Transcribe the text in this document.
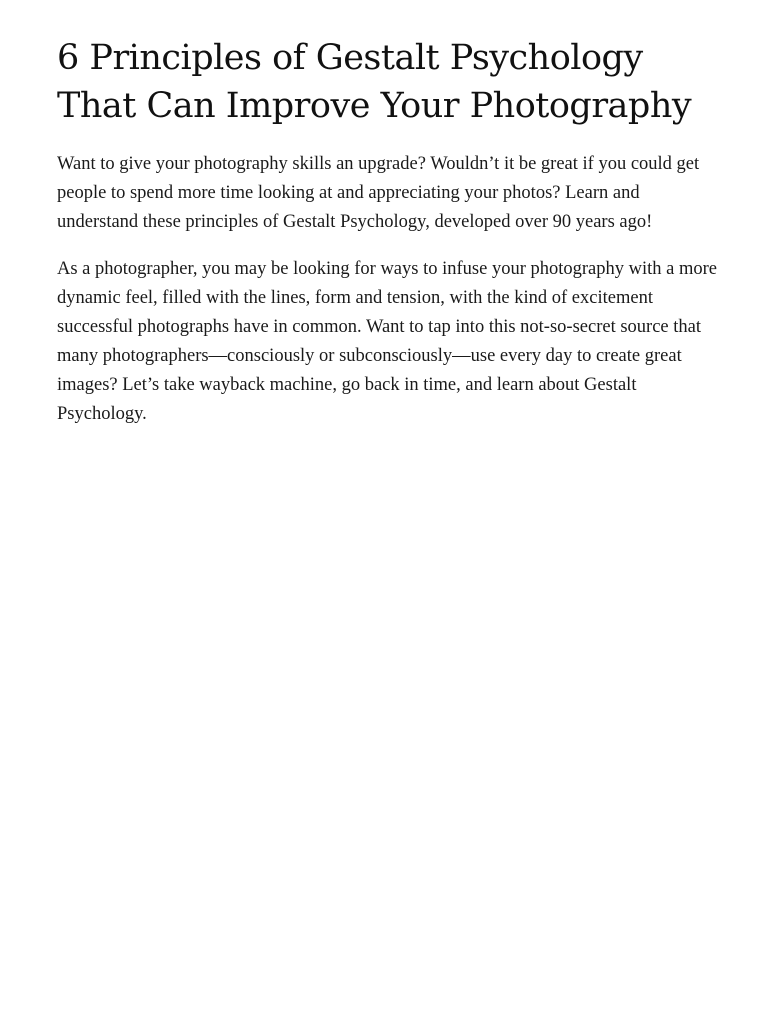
6 Principles of Gestalt Psychology That Can Improve Your Photography

Want to give your photography skills an upgrade? Wouldn’t it be great if you could get people to spend more time looking at and appreciating your photos? Learn and understand these principles of Gestalt Psychology, developed over 90 years ago!

As a photographer, you may be looking for ways to infuse your photography with a more dynamic feel, filled with the lines, form and tension, with the kind of excitement successful photographs have in common. Want to tap into this not-so-secret source that many photographers—consciously or subconsciously—use every day to create great images? Let’s take wayback machine, go back in time, and learn about Gestalt Psychology.
